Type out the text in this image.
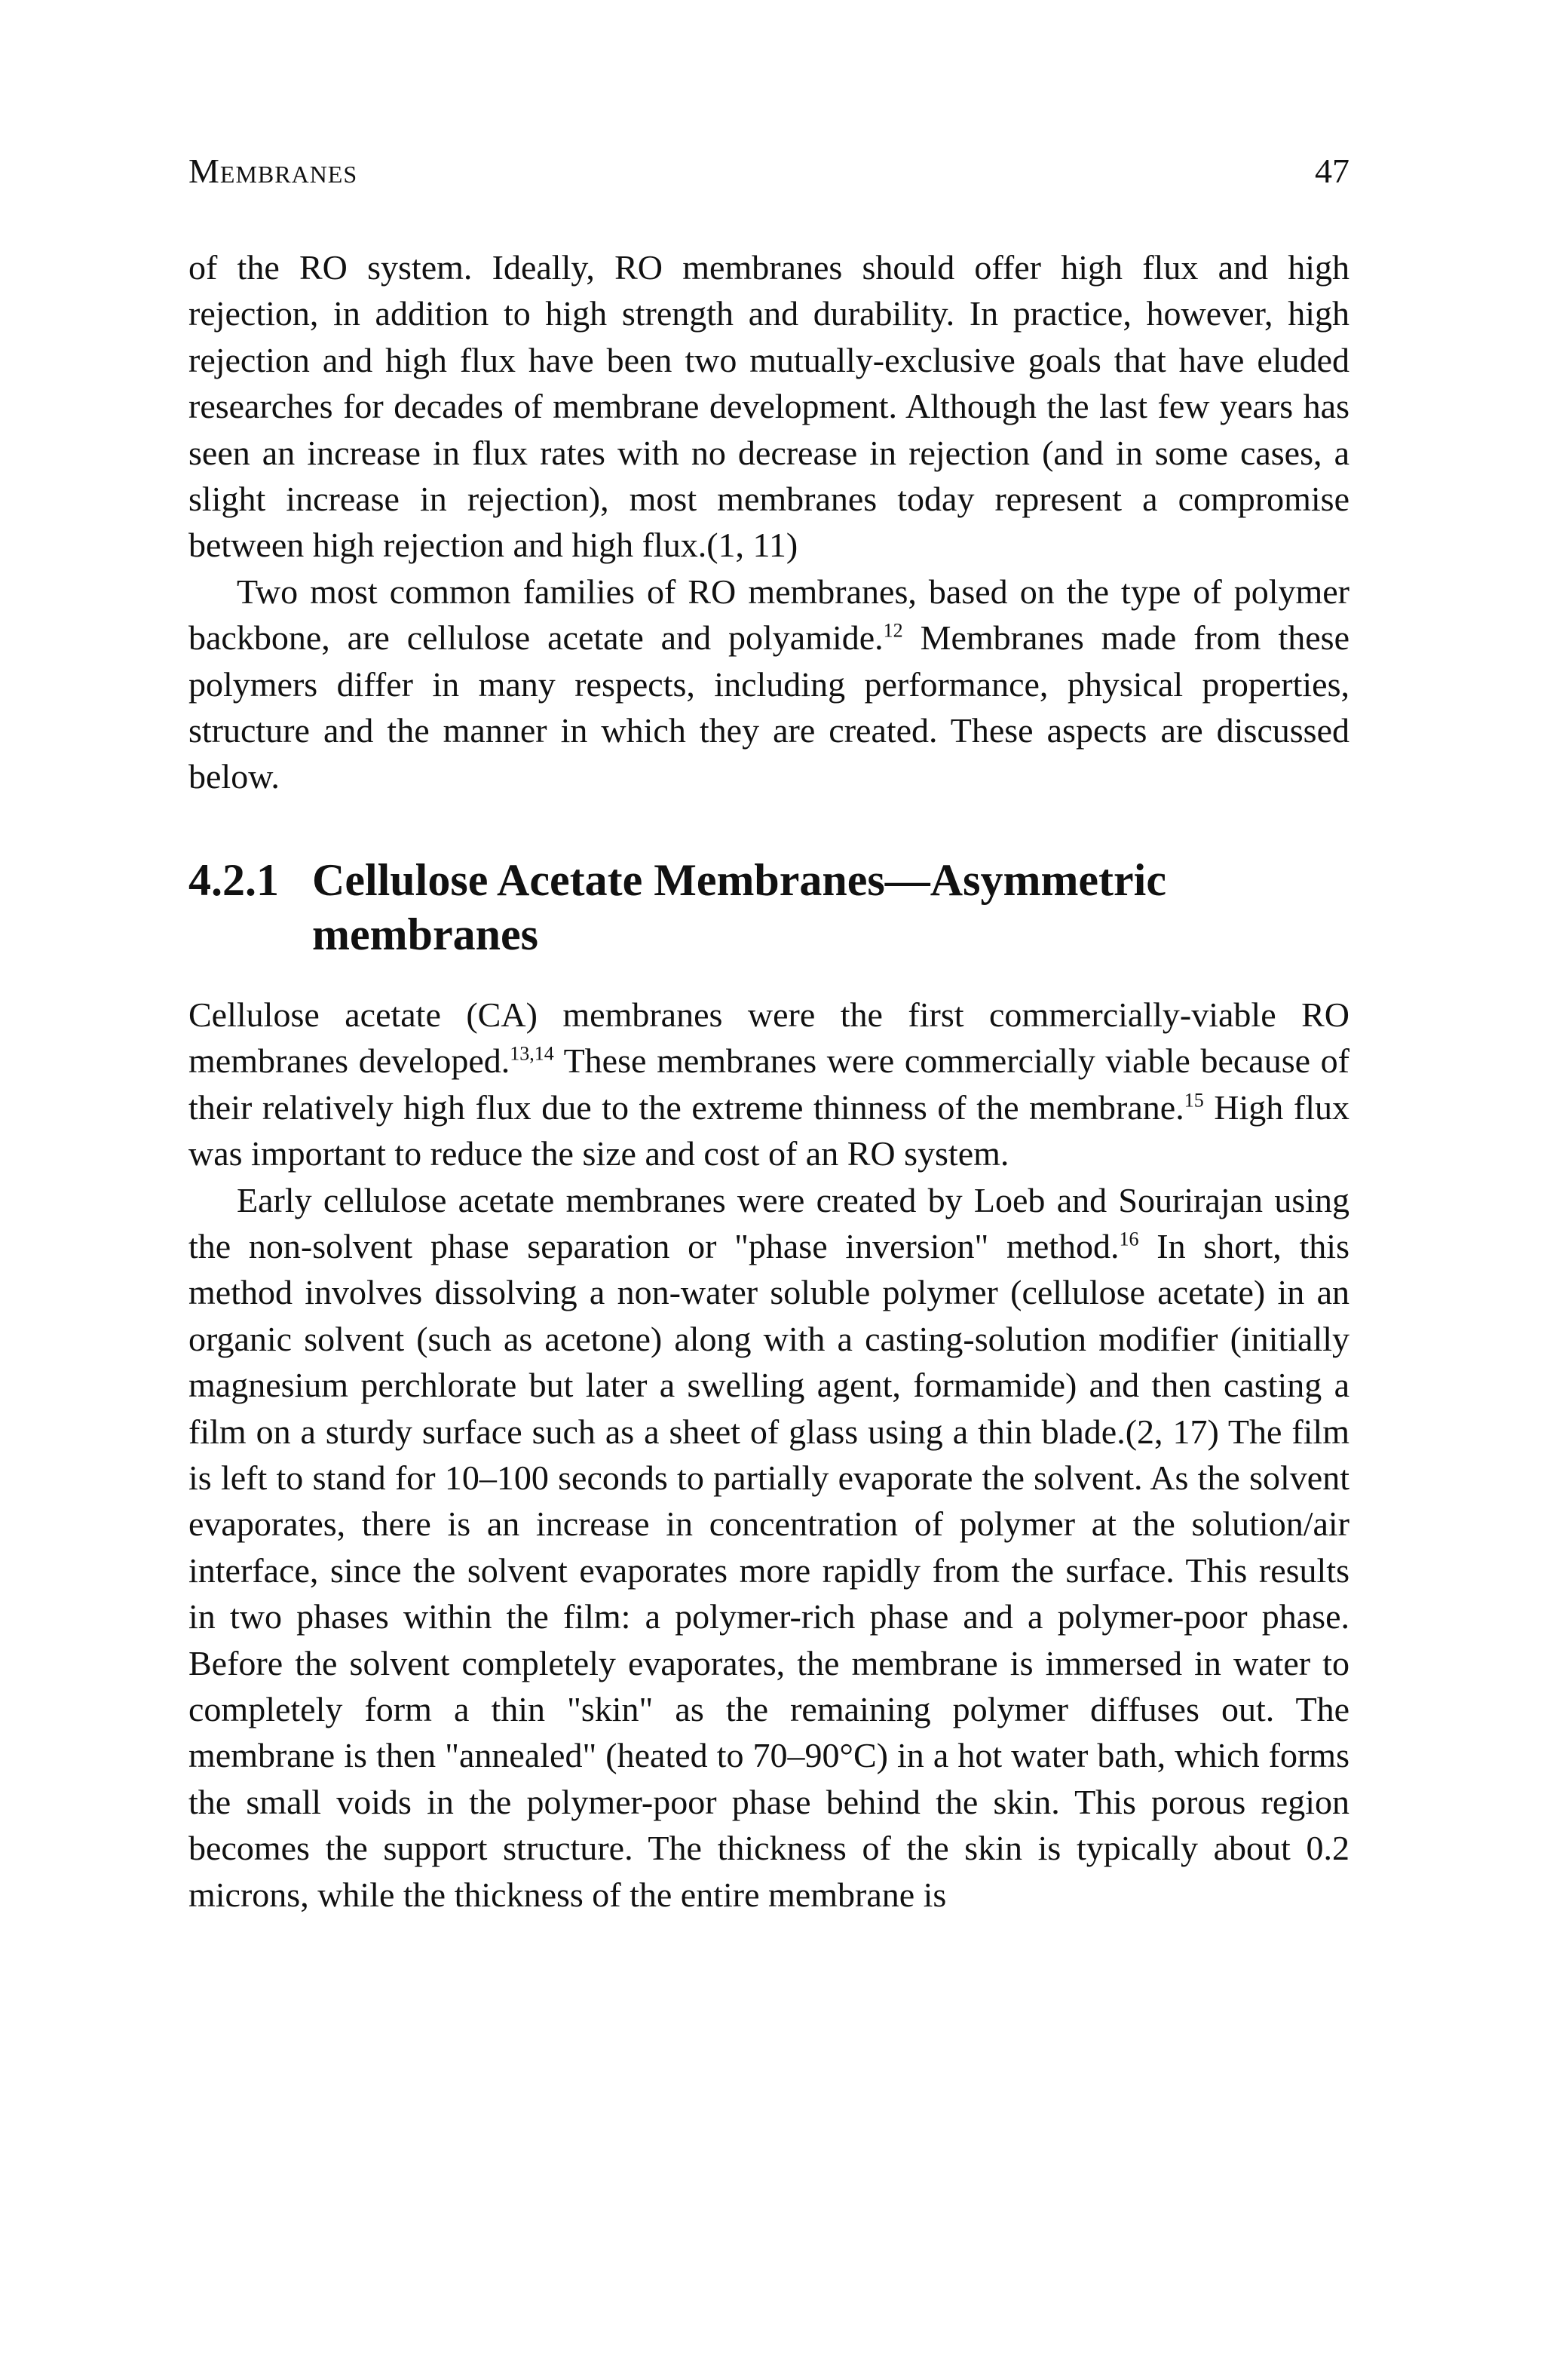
Membranes	47

of the RO system. Ideally, RO membranes should offer high flux and high rejection, in addition to high strength and durability. In practice, however, high rejection and high flux have been two mutually-exclusive goals that have eluded researches for decades of membrane development. Although the last few years has seen an increase in flux rates with no decrease in rejection (and in some cases, a slight increase in rejection), most membranes today represent a compromise between high rejection and high flux.(1, 11)

Two most common families of RO membranes, based on the type of polymer backbone, are cellulose acetate and polyamide.$^{12}$ Membranes made from these polymers differ in many respects, including performance, physical properties, structure and the manner in which they are created. These aspects are discussed below.

4.2.1 Cellulose Acetate Membranes—Asymmetric membranes

Cellulose acetate (CA) membranes were the first commercially-viable RO membranes developed.$^{13,14}$ These membranes were commercially viable because of their relatively high flux due to the extreme thinness of the membrane.$^{15}$ High flux was important to reduce the size and cost of an RO system.

Early cellulose acetate membranes were created by Loeb and Sourirajan using the non-solvent phase separation or "phase inversion" method.$^{16}$ In short, this method involves dissolving a non-water soluble polymer (cellulose acetate) in an organic solvent (such as acetone) along with a casting-solution modifier (initially magnesium perchlorate but later a swelling agent, formamide) and then casting a film on a sturdy surface such as a sheet of glass using a thin blade.(2, 17) The film is left to stand for 10–100 seconds to partially evaporate the solvent. As the solvent evaporates, there is an increase in concentration of polymer at the solution/air interface, since the solvent evaporates more rapidly from the surface. This results in two phases within the film: a polymer-rich phase and a polymer-poor phase. Before the solvent completely evaporates, the membrane is immersed in water to completely form a thin "skin" as the remaining polymer diffuses out. The membrane is then "annealed" (heated to 70–90°C) in a hot water bath, which forms the small voids in the polymer-poor phase behind the skin. This porous region becomes the support structure. The thickness of the skin is typically about 0.2 microns, while the thickness of the entire membrane is
